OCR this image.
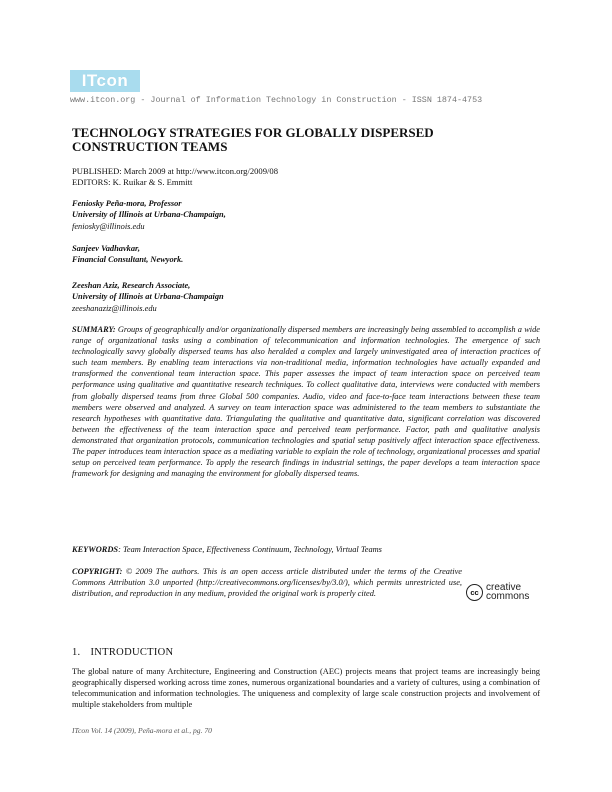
ITcon
www.itcon.org - Journal of Information Technology in Construction - ISSN 1874-4753
TECHNOLOGY STRATEGIES FOR GLOBALLY DISPERSED CONSTRUCTION TEAMS
PUBLISHED: March 2009 at http://www.itcon.org/2009/08
EDITORS: K. Ruikar & S. Emmitt
Feniosky Peña-mora, Professor
University of Illinois at Urbana-Champaign,
feniosky@illinois.edu
Sanjeev Vadhavkar,
Financial Consultant, Newyork.
Zeeshan Aziz, Research Associate,
University of Illinois at Urbana-Champaign
zeeshanaziz@illinois.edu

SUMMARY: Groups of geographically and/or organizationally dispersed members are increasingly being assembled to accomplish a wide range of organizational tasks using a combination of telecommunication and information technologies. The emergence of such technologically savvy globally dispersed teams has also heralded a complex and largely uninvestigated area of interaction practices of such team members. By enabling team interactions via non-traditional media, information technologies have actually expanded and transformed the conventional team interaction space. This paper assesses the impact of team interaction space on perceived team performance using qualitative and quantitative research techniques. To collect qualitative data, interviews were conducted with members from globally dispersed teams from three Global 500 companies. Audio, video and face-to-face team interactions between these team members were observed and analyzed. A survey on team interaction space was administered to the team members to substantiate the research hypotheses with quantitative data. Triangulating the qualitative and quantitative data, significant correlation was discovered between the effectiveness of the team interaction space and perceived team performance. Factor, path and qualitative analysis demonstrated that organization protocols, communication technologies and spatial setup positively affect interaction space effectiveness. The paper introduces team interaction space as a mediating variable to explain the role of technology, organizational processes and spatial setup on perceived team performance. To apply the research findings in industrial settings, the paper develops a team interaction space framework for designing and managing the environment for globally dispersed teams.

KEYWORDS: Team Interaction Space, Effectiveness Continuum, Technology, Virtual Teams

COPYRIGHT: © 2009 The authors. This is an open access article distributed under the terms of the Creative Commons Attribution 3.0 unported (http://creativecommons.org/licenses/by/3.0/), which permits unrestricted use, distribution, and reproduction in any medium, provided the original work is properly cited.	cc creative
commons
1. INTRODUCTION

The global nature of many Architecture, Engineering and Construction (AEC) projects means that project teams are increasingly being geographically dispersed working across time zones, numerous organizational boundaries and a variety of cultures, using a combination of telecommunication and information technologies. The uniqueness and complexity of large scale construction projects and involvement of multiple stakeholders from multiple

ITcon Vol. 14 (2009), Peña-mora et al., pg. 70
